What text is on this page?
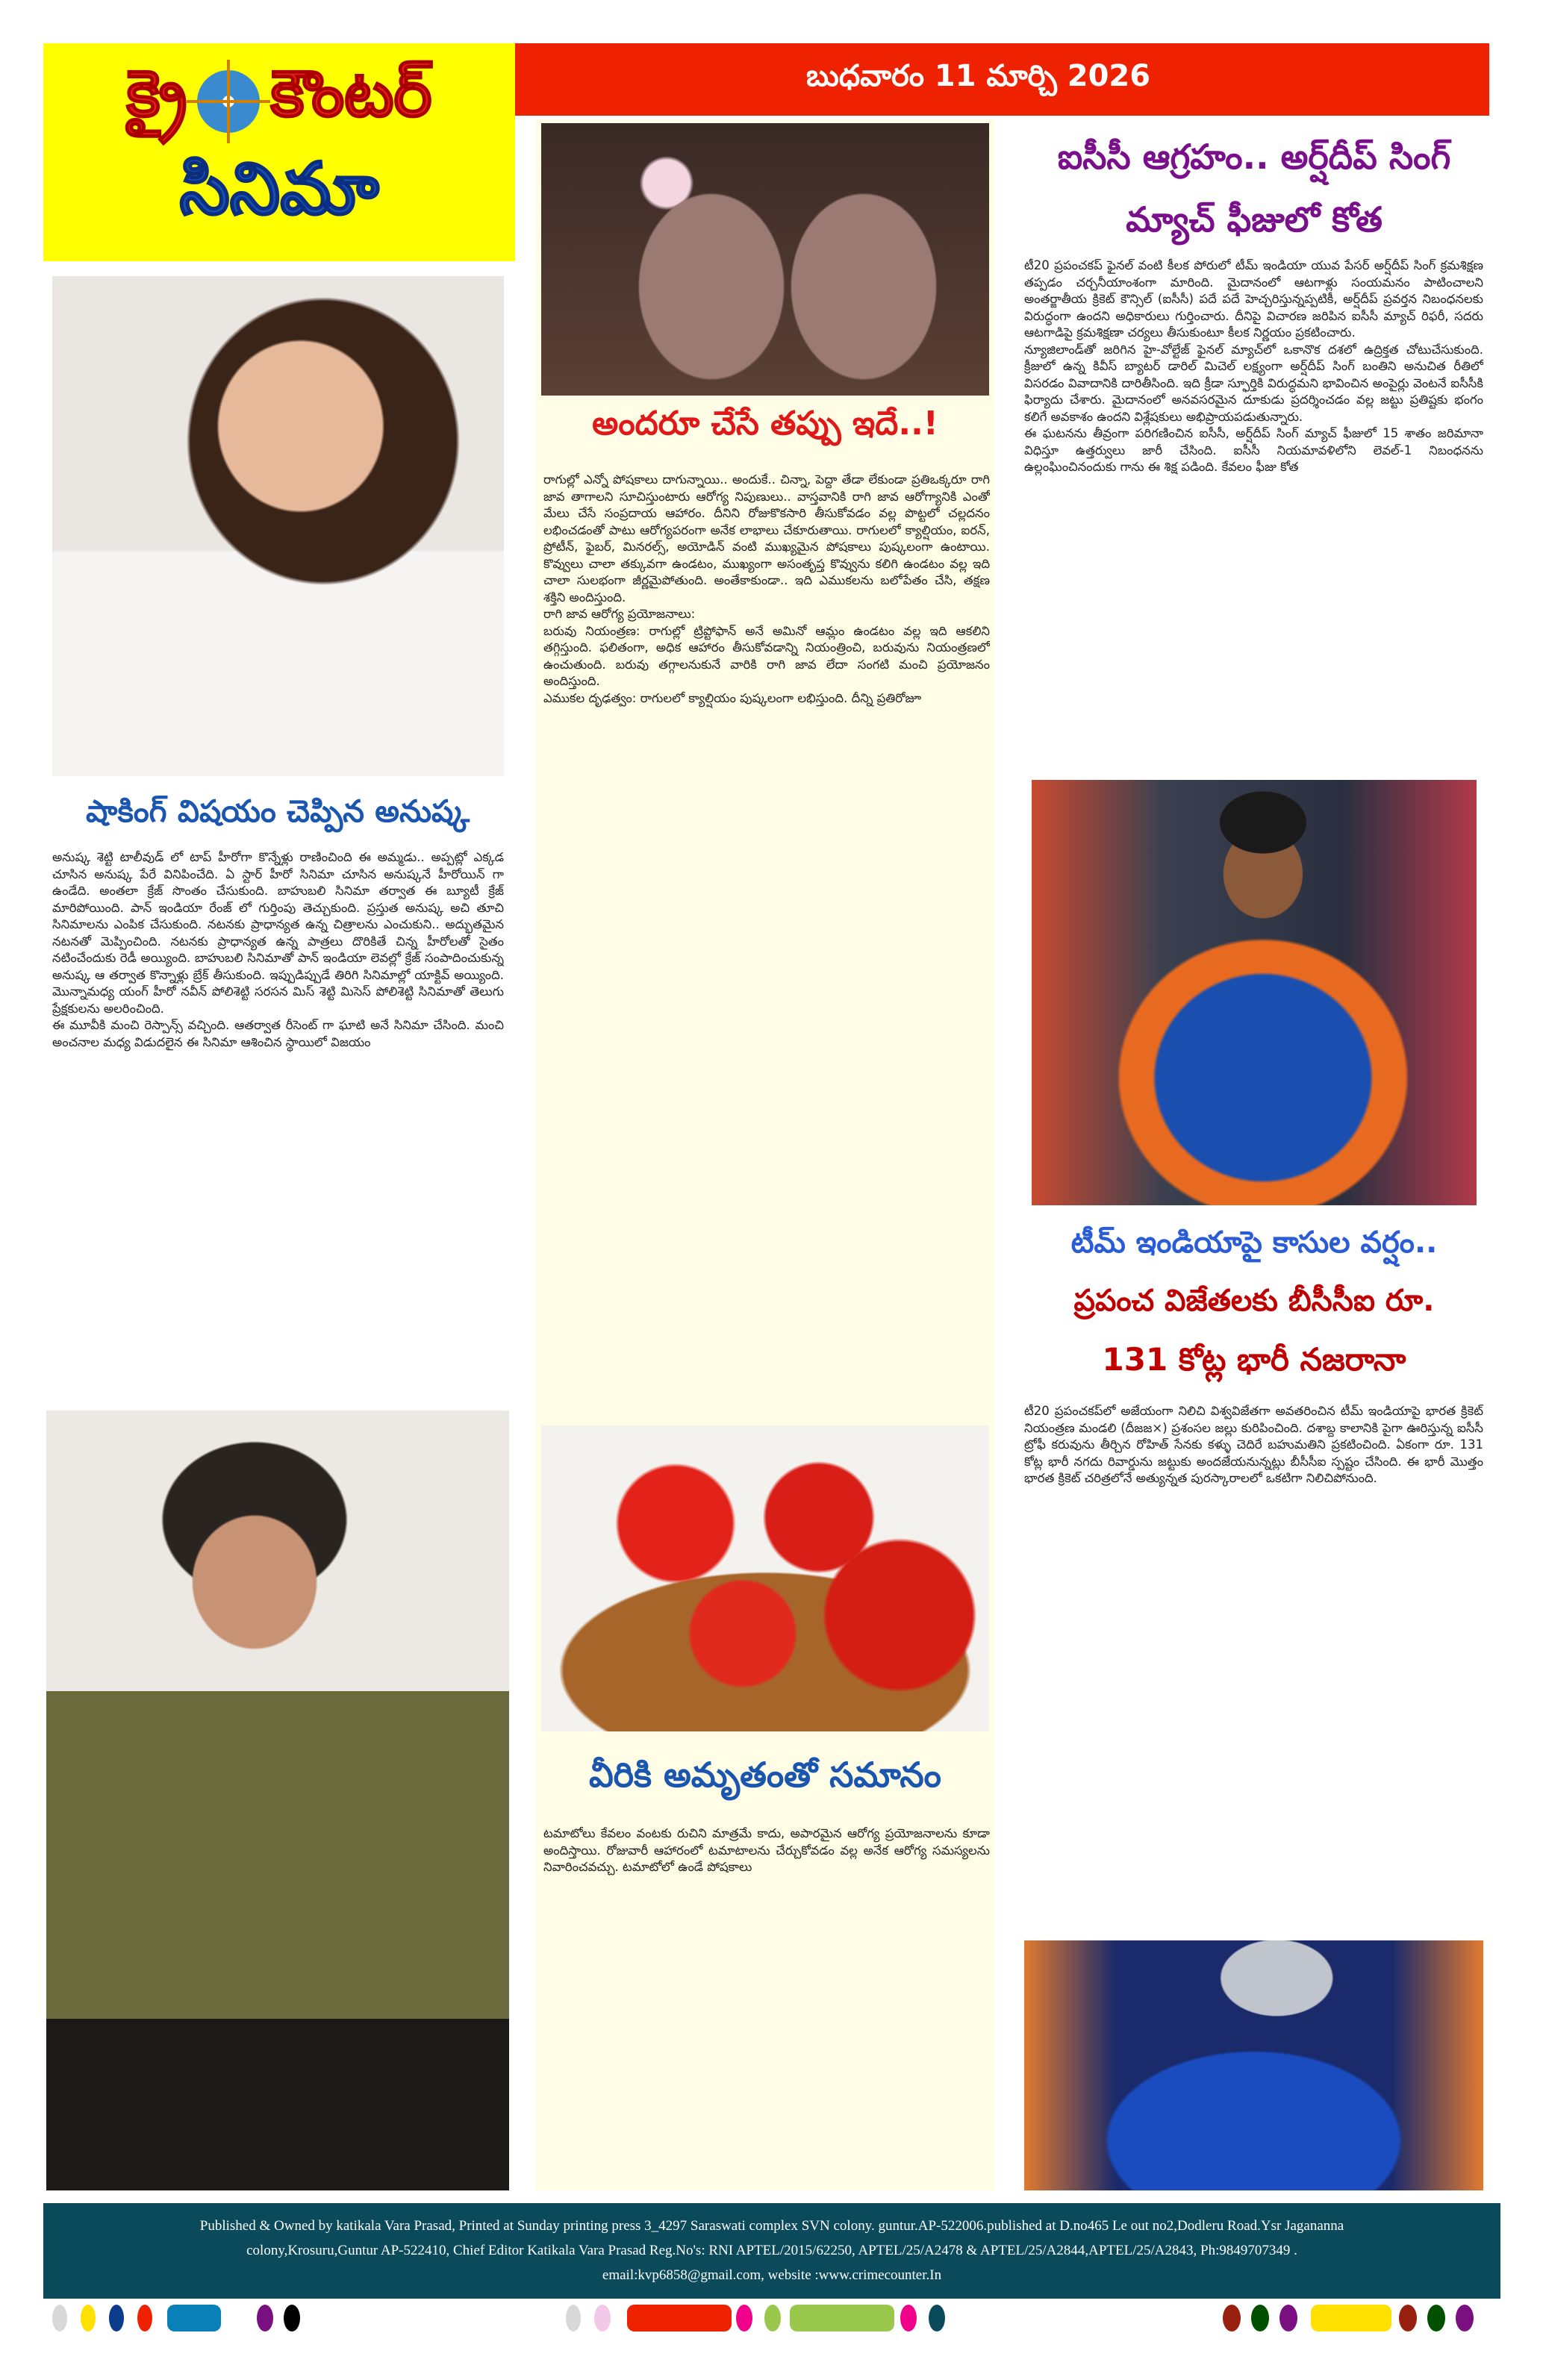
క్రై కౌంటర్
సినిమా
బుధవారం 11 మార్చి 2026
షాకింగ్ విషయం చెప్పిన అనుష్క

అనుష్క శెట్టి టాలీవుడ్ లో టాప్ హీరోగా కొన్నేళ్లు రాణించింది ఈ అమ్మడు.. అప్పట్లో ఎక్కడ చూసిన అనుష్క పేరే వినిపించేది. ఏ స్టార్ హీరో సినిమా చూసిన అనుష్కనే హీరోయిన్ గా ఉండేది. అంతలా క్రేజ్ సొంతం చేసుకుంది. బాహుబలి సినిమా తర్వాత ఈ బ్యూటీ క్రేజ్ మారిపోయింది. పాన్ ఇండియా రేంజ్ లో గుర్తింపు తెచ్చుకుంది. ప్రస్తుత అనుష్క అచి తూచి సినిమాలను ఎంపిక చేసుకుంది. నటనకు ప్రాధాన్యత ఉన్న చిత్రాలను ఎంచుకుని.. అద్భుతమైన నటనతో మెప్పించింది. నటనకు ప్రాధాన్యత ఉన్న పాత్రలు దొరికితే చిన్న హీరోలతో సైతం నటించేందుకు రెడీ అయ్యింది. బాహుబలి సినిమాతో పాన్ ఇండియా లెవల్లో క్రేజ్ సంపాదించుకున్న అనుష్క ఆ తర్వాత కొన్నాళ్లు బ్రేక్ తీసుకుంది. ఇప్పుడిప్పుడే తిరిగి సినిమాల్లో యాక్టివ్ అయ్యింది. మొన్నామధ్య యంగ్ హీరో నవీన్ పోలిశెట్టి సరసన మిస్ శెట్టి మిసెస్ పోలిశెట్టి సినిమాతో తెలుగు ప్రేక్షకులను అలరించింది.

ఈ మూవీకి మంచి రెస్పాన్స్ వచ్చింది. ఆతర్వాత రీసెంట్ గా ఘాటి అనే సినిమా చేసింది. మంచి అంచనాల మధ్య విడుదలైన ఈ సినిమా ఆశించిన స్థాయిలో విజయం

అందరూ చేసే తప్పు ఇదే..!

రాగుల్లో ఎన్నో పోషకాలు దాగున్నాయి.. అందుకే.. చిన్నా, పెద్దా తేడా లేకుండా ప్రతిఒక్కరూ రాగి జావ తాగాలని సూచిస్తుంటారు ఆరోగ్య నిపుణులు.. వాస్తవానికి రాగి జావ ఆరోగ్యానికి ఎంతో మేలు చేసే సంప్రదాయ ఆహారం. దీనిని రోజుకొకసారి తీసుకోవడం వల్ల పొట్టలో చల్లదనం లభించడంతో పాటు ఆరోగ్యపరంగా అనేక లాభాలు చేకూరుతాయి. రాగులలో క్యాల్షియం, ఐరన్, ప్రోటీన్, ఫైబర్, మినరల్స్, అయోడిన్ వంటి ముఖ్యమైన పోషకాలు పుష్కలంగా ఉంటాయి. కొవ్వులు చాలా తక్కువగా ఉండటం, ముఖ్యంగా అసంతృప్త కొవ్వును కలిగి ఉండటం వల్ల ఇది చాలా సులభంగా జీర్ణమైపోతుంది. అంతేకాకుండా.. ఇది ఎముకలను బలోపేతం చేసి, తక్షణ శక్తిని అందిస్తుంది.

రాగి జావ ఆరోగ్య ప్రయోజనాలు:

బరువు నియంత్రణ: రాగుల్లో ట్రిప్టోఫాన్ అనే అమినో ఆమ్లం ఉండటం వల్ల ఇది ఆకలిని తగ్గిస్తుంది. ఫలితంగా, అధిక ఆహారం తీసుకోవడాన్ని నియంత్రించి, బరువును నియంత్రణలో ఉంచుతుంది. బరువు తగ్గాలనుకునే వారికి రాగి జావ లేదా సంగటి మంచి ప్రయోజనం అందిస్తుంది.

ఎముకల దృఢత్వం: రాగులలో క్యాల్షియం పుష్కలంగా లభిస్తుంది. దీన్ని ప్రతిరోజూ

వీరికి అమృతంతో సమానం

టమాటోలు కేవలం వంటకు రుచిని మాత్రమే కాదు, అపారమైన ఆరోగ్య ప్రయోజనాలను కూడా అందిస్తాయి. రోజువారీ ఆహారంలో టమాటాలను చేర్చుకోవడం వల్ల అనేక ఆరోగ్య సమస్యలను నివారించవచ్చు. టమాటోలో ఉండే పోషకాలు

ఐసీసీ ఆగ్రహం.. అర్ష్‌దీప్ సింగ్ మ్యాచ్ ఫీజులో కోత

టీ20 ప్రపంచకప్ ఫైనల్ వంటి కీలక పోరులో టీమ్ ఇండియా యువ పేసర్ అర్ష్‌దీప్ సింగ్ క్రమశిక్షణ తప్పడం చర్చనీయాంశంగా మారింది. మైదానంలో ఆటగాళ్లు సంయమనం పాటించాలని అంతర్జాతీయ క్రికెట్ కౌన్సిల్ (ఐసీసీ) పదే పదే హెచ్చరిస్తున్నప్పటికీ, అర్ష్‌దీప్ ప్రవర్తన నిబంధనలకు విరుద్ధంగా ఉందని అధికారులు గుర్తించారు. దీనిపై విచారణ జరిపిన ఐసీసీ మ్యాచ్ రిఫరీ, సదరు ఆటగాడిపై క్రమశిక్షణా చర్యలు తీసుకుంటూ కీలక నిర్ణయం ప్రకటించారు.

న్యూజిలాండ్‌తో జరిగిన హై-వోల్టేజ్ ఫైనల్ మ్యాచ్‌లో ఒకానొక దశలో ఉద్రిక్తత చోటుచేసుకుంది. క్రీజులో ఉన్న కివీస్ బ్యాటర్ డారిల్ మిచెల్ లక్ష్యంగా అర్ష్‌దీప్ సింగ్ బంతిని అనుచిత రీతిలో విసరడం వివాదానికి దారితీసింది. ఇది క్రీడా స్ఫూర్తికి విరుద్ధమని భావించిన అంపైర్లు వెంటనే ఐసీసీకి ఫిర్యాదు చేశారు. మైదానంలో అనవసరమైన దూకుడు ప్రదర్శించడం వల్ల జట్టు ప్రతిష్టకు భంగం కలిగే అవకాశం ఉందని విశ్లేషకులు అభిప్రాయపడుతున్నారు.

ఈ ఘటనను తీవ్రంగా పరిగణించిన ఐసీసీ, అర్ష్‌దీప్ సింగ్ మ్యాచ్ ఫీజులో 15 శాతం జరిమానా విధిస్తూ ఉత్తర్వులు జారీ చేసింది. ఐసీసీ నియమావళిలోని లెవల్-1 నిబంధనను ఉల్లంఘించినందుకు గాను ఈ శిక్ష పడింది. కేవలం ఫీజు కోత

టీమ్ ఇండియాపై కాసుల వర్షం..
ప్రపంచ విజేతలకు బీసీసీఐ రూ.
131 కోట్ల భారీ నజరానా

టీ20 ప్రపంచకప్‌లో అజేయంగా నిలిచి విశ్వవిజేతగా అవతరించిన టీమ్ ఇండియాపై భారత క్రికెట్ నియంత్రణ మండలి (దీజజ×) ప్రశంసల జల్లు కురిపించింది. దశాబ్ద కాలానికి పైగా ఊరిస్తున్న ఐసీసీ ట్రోఫీ కరువును తీర్చిన రోహిత్ సేనకు కళ్ళు చెదిరే బహుమతిని ప్రకటించింది. ఏకంగా రూ. 131 కోట్ల భారీ నగదు రివార్డును జట్టుకు అందజేయనున్నట్లు బీసీసీఐ స్పష్టం చేసింది. ఈ భారీ మొత్తం భారత క్రికెట్ చరిత్రలోనే అత్యున్నత పురస్కారాలలో ఒకటిగా నిలిచిపోనుంది.

Published & Owned by katikala Vara Prasad, Printed at Sunday printing press 3_4297 Saraswati complex SVN colony. guntur.AP-522006.published at D.no465 Le out no2,Dodleru Road.Ysr Jagananna
colony,Krosuru,Guntur AP-522410, Chief Editor Katikala Vara Prasad Reg.No's: RNI APTEL/2015/62250, APTEL/25/A2478 & APTEL/25/A2844,APTEL/25/A2843, Ph:9849707349 .
email:kvp6858@gmail.com, website :www.crimecounter.In
